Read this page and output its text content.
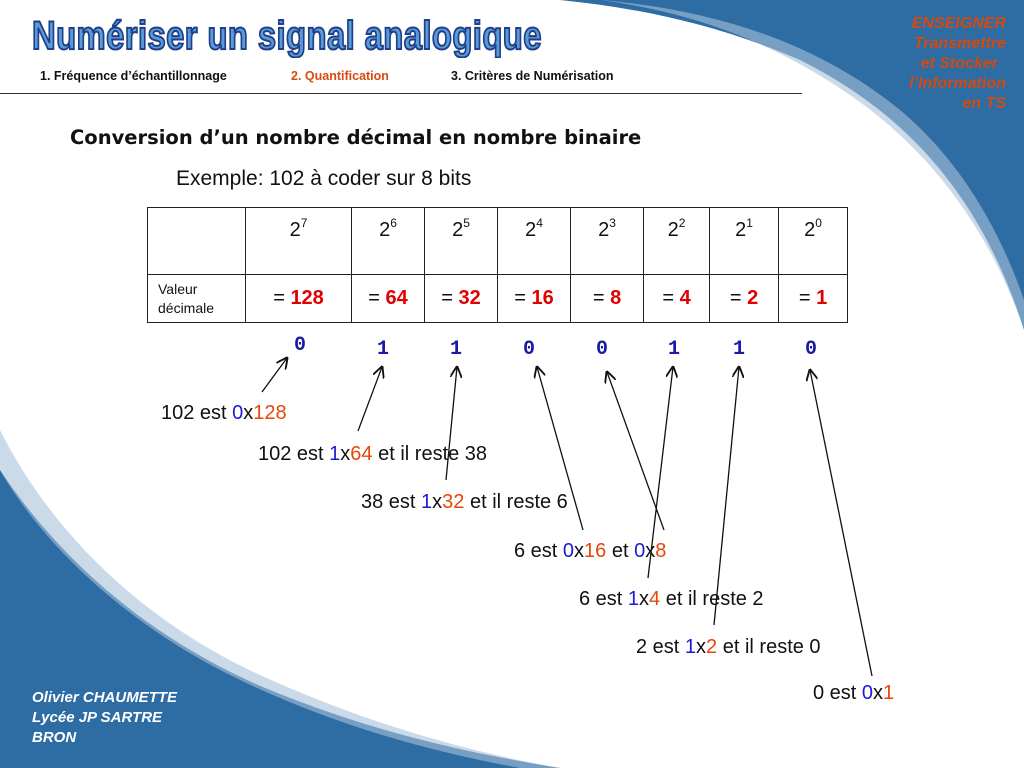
Numériser un signal analogique
1. Fréquence d’échantillonnage	2. Quantification	3. Critères de Numérisation
ENSEIGNER
Transmettre
et Stocker
l’Information
en TS
Conversion d’un nombre décimal en nombre binaire
Exemple: 102 à coder sur 8 bits
	$2^7$	$2^6$	$2^5$	$2^4$	$2^3$	$2^2$	$2^1$	$2^0$
Valeur décimale	= 128	= 64	= 32	= 16	= 8	= 4	= 2	= 1
0	1	1	0	0	1	1	0
102 est 0x128
102 est 1x64 et il reste 38
38 est 1x32 et il reste 6
6 est 0x16 et 0x8
6 est 1x4 et il reste 2
2 est 1x2 et il reste 0
0 est 0x1
Olivier CHAUMETTE
Lycée JP SARTRE
BRON
